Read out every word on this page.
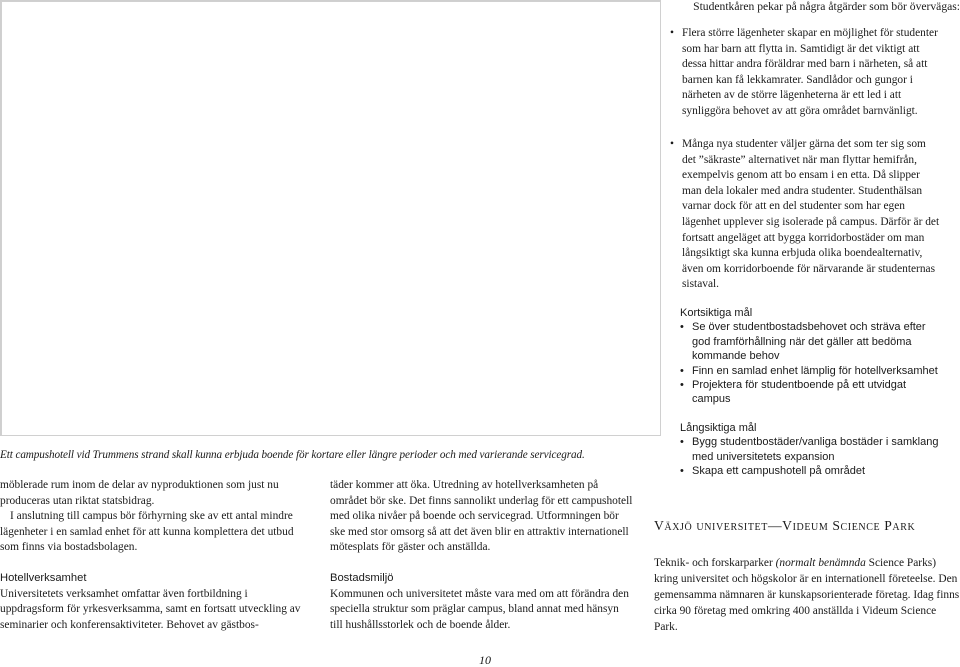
Ett campushotell vid Trummens strand skall kunna erbjuda boende för kortare eller längre perioder och med varierande servicegrad.

möblerade rum inom de delar av nyproduktionen som just nu produceras utan riktat statsbidrag.

I anslutning till campus bör förhyrning ske av ett antal mindre lägenheter i en samlad enhet för att kunna komplettera det utbud som finns via bostadsbolagen.

Hotellverksamhet

Universitetets verksamhet omfattar även fortbildning i uppdragsform för yrkesverksamma, samt en fortsatt utveckling av seminarier och konferensaktiviteter. Behovet av gästbos-

täder kommer att öka. Utredning av hotellverksamheten på området bör ske. Det finns sannolikt underlag för ett campushotell med olika nivåer på boende och servicegrad. Utformningen bör ske med stor omsorg så att det även blir en attraktiv internationell mötesplats för gäster och anställda.

Bostadsmiljö

Kommunen och universitetet måste vara med om att förändra den speciella struktur som präglar campus, bland annat med hänsyn till hushållsstorlek och de boende ålder.

Studentkåren pekar på några åtgärder som bör övervägas:
• Flera större lägenheter skapar en möjlighet för studenter som har barn att flytta in. Samtidigt är det viktigt att dessa hittar andra föräldrar med barn i närheten, så att barnen kan få lekkamrater. Sandlådor och gungor i närheten av de större lägenheterna är ett led i att synliggöra behovet av att göra området barnvänligt.
• Många nya studenter väljer gärna det som ter sig som det ”säkraste” alternativet när man flyttar hemifrån, exempelvis genom att bo ensam i en etta. Då slipper man dela lokaler med andra studenter. Studenthälsan varnar dock för att en del studenter som har egen lägenhet upplever sig isolerade på campus. Därför är det fortsatt angeläget att bygga korridorbostäder om man långsiktigt ska kunna erbjuda olika boendealternativ, även om korridorboende för närvarande är studenternas sistaval.
Kortsiktiga mål
• Se över studentbostadsbehovet och sträva efter god framförhållning när det gäller att bedöma kommande behov
• Finn en samlad enhet lämplig för hotellverksamhet
• Projektera för studentboende på ett utvidgat campus
Långsiktiga mål
• Bygg studentbostäder/vanliga bostäder i samklang med universitetets expansion
• Skapa ett campushotell på området
Växjö universitet—Videum Science Park

Teknik- och forskarparker (normalt benämnda Science Parks) kring universitet och högskolor är en internationell företeelse. Den gemensamma nämnaren är kunskapsorienterade företag. Idag finns cirka 90 företag med omkring 400 anställda i Videum Science Park.

10
